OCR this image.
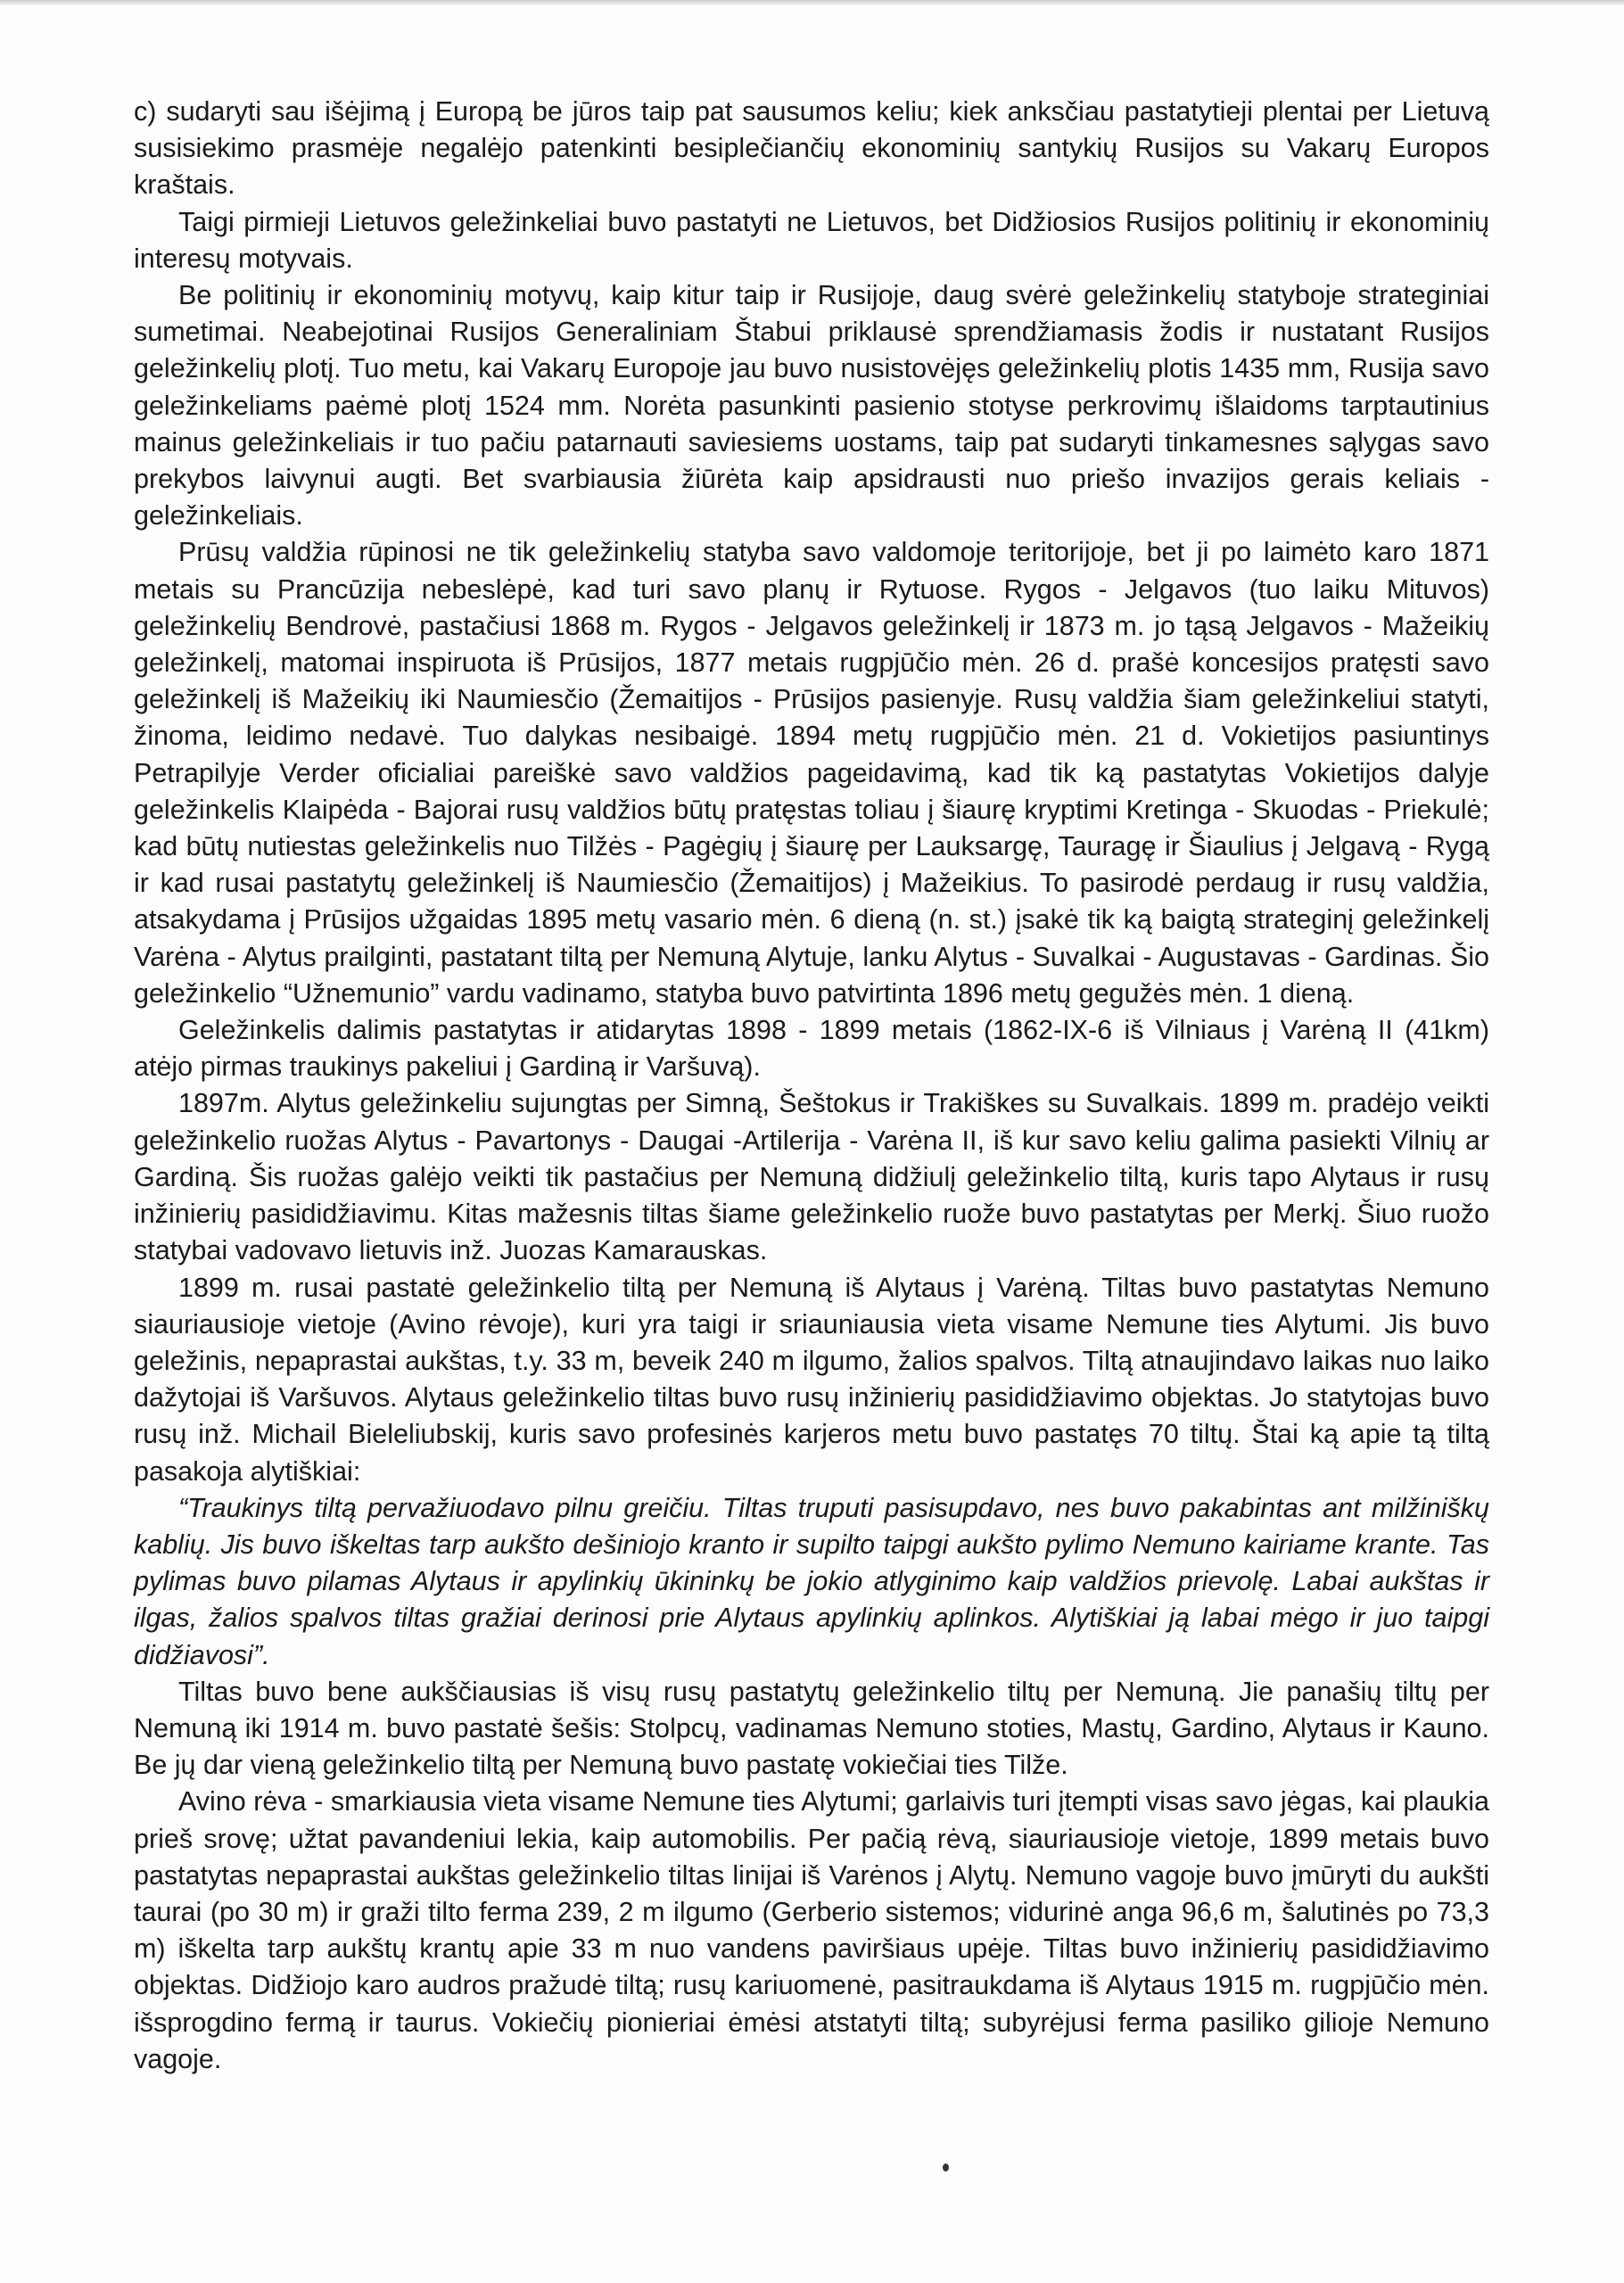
c) sudaryti sau išėjimą į Europą be jūros taip pat sausumos keliu; kiek anksčiau pastatytieji plentai per Lietuvą susisiekimo prasmėje negalėjo patenkinti besiplečiančių ekonominių santykių Rusijos su Vakarų Europos kraštais.

Taigi pirmieji Lietuvos geležinkeliai buvo pastatyti ne Lietuvos, bet Didžiosios Rusijos politinių ir ekonominių interesų motyvais.

Be politinių ir ekonominių motyvų, kaip kitur taip ir Rusijoje, daug svėrė geležinkelių statyboje strateginiai sumetimai. Neabejotinai Rusijos Generaliniam Štabui priklausė sprendžiamasis žodis ir nustatant Rusijos geležinkelių plotį. Tuo metu, kai Vakarų Europoje jau buvo nusistovėjęs geležinkelių plotis 1435 mm, Rusija savo geležinkeliams paėmė plotį 1524 mm. Norėta pasunkinti pasienio stotyse perkrovimų išlaidoms tarptautinius mainus geležinkeliais ir tuo pačiu patarnauti saviesiems uostams, taip pat sudaryti tinkamesnes sąlygas savo prekybos laivynui augti. Bet svarbiausia žiūrėta kaip apsidrausti nuo priešo invazijos gerais keliais - geležinkeliais.

Prūsų valdžia rūpinosi ne tik geležinkelių statyba savo valdomoje teritorijoje, bet ji po laimėto karo 1871 metais su Prancūzija nebeslėpė, kad turi savo planų ir Rytuose. Rygos - Jelgavos (tuo laiku Mituvos) geležinkelių Bendrovė, pastačiusi 1868 m. Rygos - Jelgavos geležinkelį ir 1873 m. jo tąsą Jelgavos - Mažeikių geležinkelį, matomai inspiruota iš Prūsijos, 1877 metais rugpjūčio mėn. 26 d. prašė koncesijos pratęsti savo geležinkelį iš Mažeikių iki Naumiesčio (Žemaitijos - Prūsijos pasienyje. Rusų valdžia šiam geležinkeliui statyti, žinoma, leidimo nedavė. Tuo dalykas nesibaigė. 1894 metų rugpjūčio mėn. 21 d. Vokietijos pasiuntinys Petrapilyje Verder oficialiai pareiškė savo valdžios pageidavimą, kad tik ką pastatytas Vokietijos dalyje geležinkelis Klaipėda - Bajorai rusų valdžios būtų pratęstas toliau į šiaurę kryptimi Kretinga - Skuodas - Priekulė; kad būtų nutiestas geležinkelis nuo Tilžės - Pagėgių į šiaurę per Lauksargę, Tauragę ir Šiaulius į Jelgavą - Rygą ir kad rusai pastatytų geležinkelį iš Naumiesčio (Žemaitijos) į Mažeikius. To pasirodė perdaug ir rusų valdžia, atsakydama į Prūsijos užgaidas 1895 metų vasario mėn. 6 dieną (n. st.) įsakė tik ką baigtą strateginį geležinkelį Varėna - Alytus prailginti, pastatant tiltą per Nemuną Alytuje, lanku Alytus - Suvalkai - Augustavas - Gardinas. Šio geležinkelio “Užnemunio” vardu vadinamo, statyba buvo patvirtinta 1896 metų gegužės mėn. 1 dieną.

Geležinkelis dalimis pastatytas ir atidarytas 1898 - 1899 metais (1862-IX-6 iš Vilniaus į Varėną II (41km) atėjo pirmas traukinys pakeliui į Gardiną ir Varšuvą).

1897m. Alytus geležinkeliu sujungtas per Simną, Šeštokus ir Trakiškes su Suvalkais. 1899 m. pradėjo veikti geležinkelio ruožas Alytus - Pavartonys - Daugai -Artilerija - Varėna II, iš kur savo keliu galima pasiekti Vilnių ar Gardiną. Šis ruožas galėjo veikti tik pastačius per Nemuną didžiulį geležinkelio tiltą, kuris tapo Alytaus ir rusų inžinierių pasididžiavimu. Kitas mažesnis tiltas šiame geležinkelio ruože buvo pastatytas per Merkį. Šiuo ruožo statybai vadovavo lietuvis inž. Juozas Kamarauskas.

1899 m. rusai pastatė geležinkelio tiltą per Nemuną iš Alytaus į Varėną. Tiltas buvo pastatytas Nemuno siauriausioje vietoje (Avino rėvoje), kuri yra taigi ir sriauniausia vieta visame Nemune ties Alytumi. Jis buvo geležinis, nepaprastai aukštas, t.y. 33 m, beveik 240 m ilgumo, žalios spalvos. Tiltą atnaujindavo laikas nuo laiko dažytojai iš Varšuvos. Alytaus geležinkelio tiltas buvo rusų inžinierių pasididžiavimo objektas. Jo statytojas buvo rusų inž. Michail Bieleliubskij, kuris savo profesinės karjeros metu buvo pastatęs 70 tiltų. Štai ką apie tą tiltą pasakoja alytiškiai:

“Traukinys tiltą pervažiuodavo pilnu greičiu. Tiltas truputi pasisupdavo, nes buvo pakabintas ant milžiniškų kablių. Jis buvo iškeltas tarp aukšto dešiniojo kranto ir supilto taipgi aukšto pylimo Nemuno kairiame krante. Tas pylimas buvo pilamas Alytaus ir apylinkių ūkininkų be jokio atlyginimo kaip valdžios prievolę. Labai aukštas ir ilgas, žalios spalvos tiltas gražiai derinosi prie Alytaus apylinkių aplinkos. Alytiškiai ją labai mėgo ir juo taipgi didžiavosi”.

Tiltas buvo bene aukščiausias iš visų rusų pastatytų geležinkelio tiltų per Nemuną. Jie panašių tiltų per Nemuną iki 1914 m. buvo pastatė šešis: Stolpcų, vadinamas Nemuno stoties, Mastų, Gardino, Alytaus ir Kauno. Be jų dar vieną geležinkelio tiltą per Nemuną buvo pastatę vokiečiai ties Tilže.

Avino rėva - smarkiausia vieta visame Nemune ties Alytumi; garlaivis turi įtempti visas savo jėgas, kai plaukia prieš srovę; užtat pavandeniui lekia, kaip automobilis. Per pačią rėvą, siauriausioje vietoje, 1899 metais buvo pastatytas nepaprastai aukštas geležinkelio tiltas linijai iš Varėnos į Alytų. Nemuno vagoje buvo įmūryti du aukšti taurai (po 30 m) ir graži tilto ferma 239, 2 m ilgumo (Gerberio sistemos; vidurinė anga 96,6 m, šalutinės po 73,3 m) iškelta tarp aukštų krantų apie 33 m nuo vandens paviršiaus upėje. Tiltas buvo inžinierių pasididžiavimo objektas. Didžiojo karo audros pražudė tiltą; rusų kariuomenė, pasitraukdama iš Alytaus 1915 m. rugpjūčio mėn. išsprogdino fermą ir taurus. Vokiečių pionieriai ėmėsi atstatyti tiltą; subyrėjusi ferma pasiliko gilioje Nemuno vagoje.
